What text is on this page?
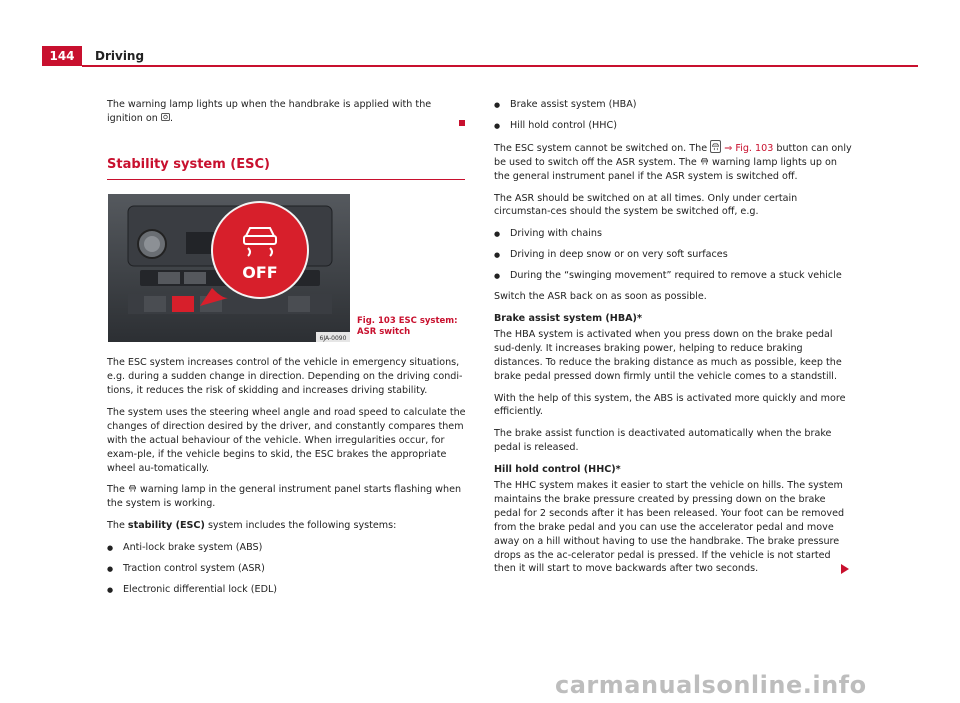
144	Driving

The warning lamp lights up when the handbrake is applied with the ignition on .

Stability system (ESC)
OFF
6JA-0090
Fig. 103 ESC system:
ASR switch

The ESC system increases control of the vehicle in emergency situations, e.g. during a sudden change in direction. Depending on the driving condi-tions, it reduces the risk of skidding and increases driving stability.

The system uses the steering wheel angle and road speed to calculate the changes of direction desired by the driver, and constantly compares them with the actual behaviour of the vehicle. When irregularities occur, for exam-ple, if the vehicle begins to skid, the ESC brakes the appropriate wheel au-tomatically.

The warning lamp in the general instrument panel starts flashing when the system is working.

The stability (ESC) system includes the following systems:

● Anti-lock brake system (ABS)
● Traction control system (ASR)
● Electronic differential lock (EDL)
● Brake assist system (HBA)
● Hill hold control (HHC)

The ESC system cannot be switched on. The ⇒ Fig. 103 button can only be used to switch off the ASR system. The warning lamp lights up on the general instrument panel if the ASR system is switched off.

The ASR should be switched on at all times. Only under certain circumstan-ces should the system be switched off, e.g.

● Driving with chains
● Driving in deep snow or on very soft surfaces
● During the “swinging movement” required to remove a stuck vehicle

Switch the ASR back on as soon as possible.

Brake assist system (HBA)*

The HBA system is activated when you press down on the brake pedal sud-denly. It increases braking power, helping to reduce braking distances. To reduce the braking distance as much as possible, keep the brake pedal pressed down firmly until the vehicle comes to a standstill.

With the help of this system, the ABS is activated more quickly and more efficiently.

The brake assist function is deactivated automatically when the brake pedal is released.

Hill hold control (HHC)*

The HHC system makes it easier to start the vehicle on hills. The system maintains the brake pressure created by pressing down on the brake pedal for 2 seconds after it has been released. Your foot can be removed from the brake pedal and you can use the accelerator pedal and move away on a hill without having to use the handbrake. The brake pressure drops as the ac-celerator pedal is pressed. If the vehicle is not started then it will start to move backwards after two seconds.

carmanualsonline.info
